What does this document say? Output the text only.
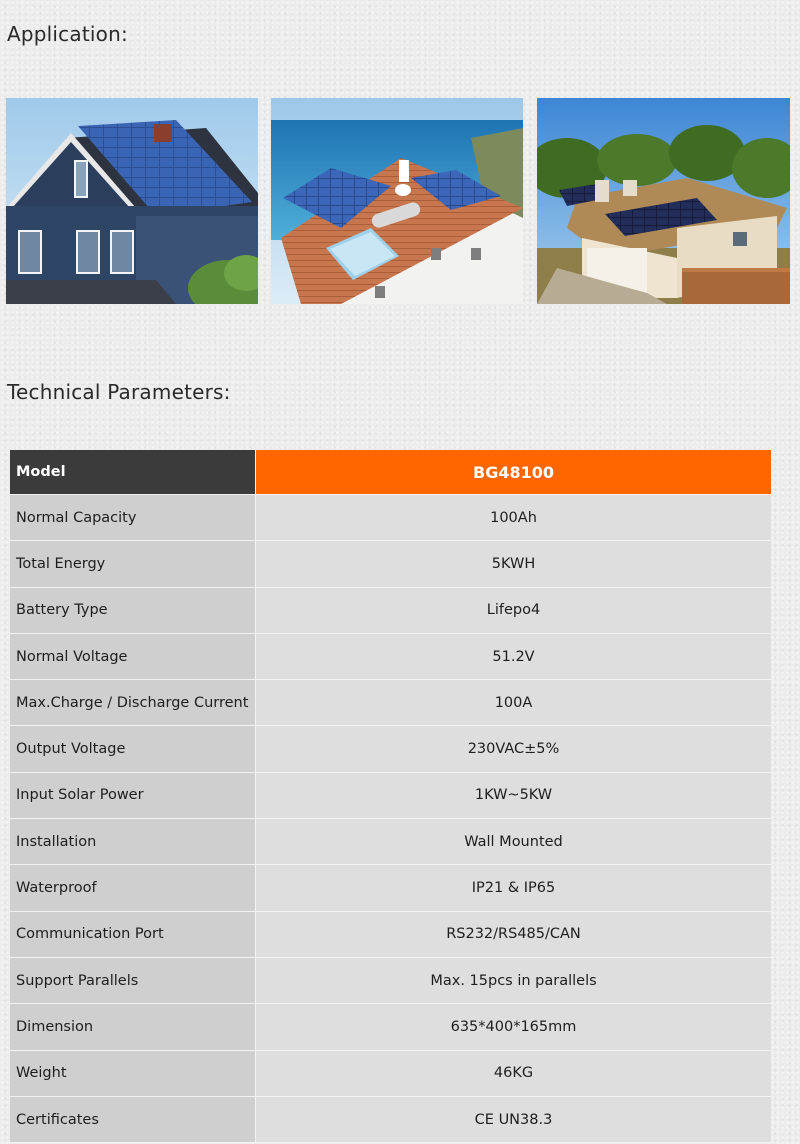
Application:
Technical Parameters:
Model	BG48100
Normal Capacity	100Ah
Total Energy	5KWH
Battery Type	Lifepo4
Normal Voltage	51.2V
Max.Charge / Discharge Current	100A
Output Voltage	230VAC±5%
Input Solar Power	1KW~5KW
Installation	Wall Mounted
Waterproof	IP21 & IP65
Communication Port	RS232/RS485/CAN
Support Parallels	Max. 15pcs in parallels
Dimension	635*400*165mm
Weight	46KG
Certificates	CE UN38.3
